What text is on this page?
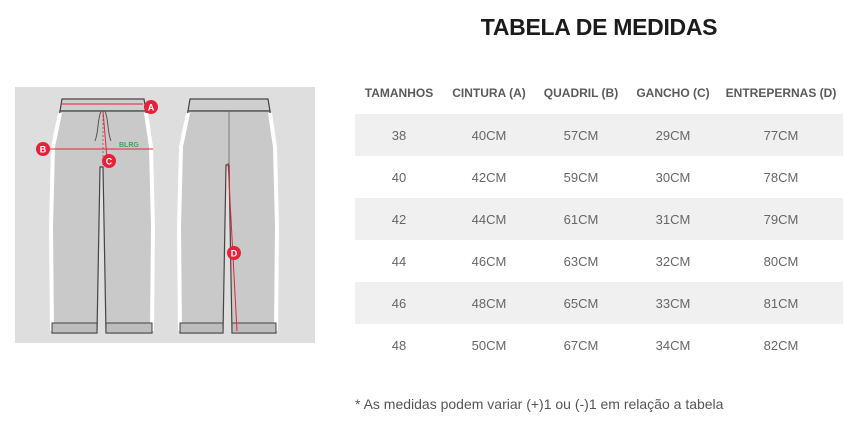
TABELA DE MEDIDAS
BLRG
A
B
C
D
TAMANHOS	CINTURA (A)	QUADRIL (B)	GANCHO (C)	ENTREPERNAS (D)
38	40CM	57CM	29CM	77CM
40	42CM	59CM	30CM	78CM
42	44CM	61CM	31CM	79CM
44	46CM	63CM	32CM	80CM
46	48CM	65CM	33CM	81CM
48	50CM	67CM	34CM	82CM
* As medidas podem variar (+)1 ou (-)1 em relação a tabela
